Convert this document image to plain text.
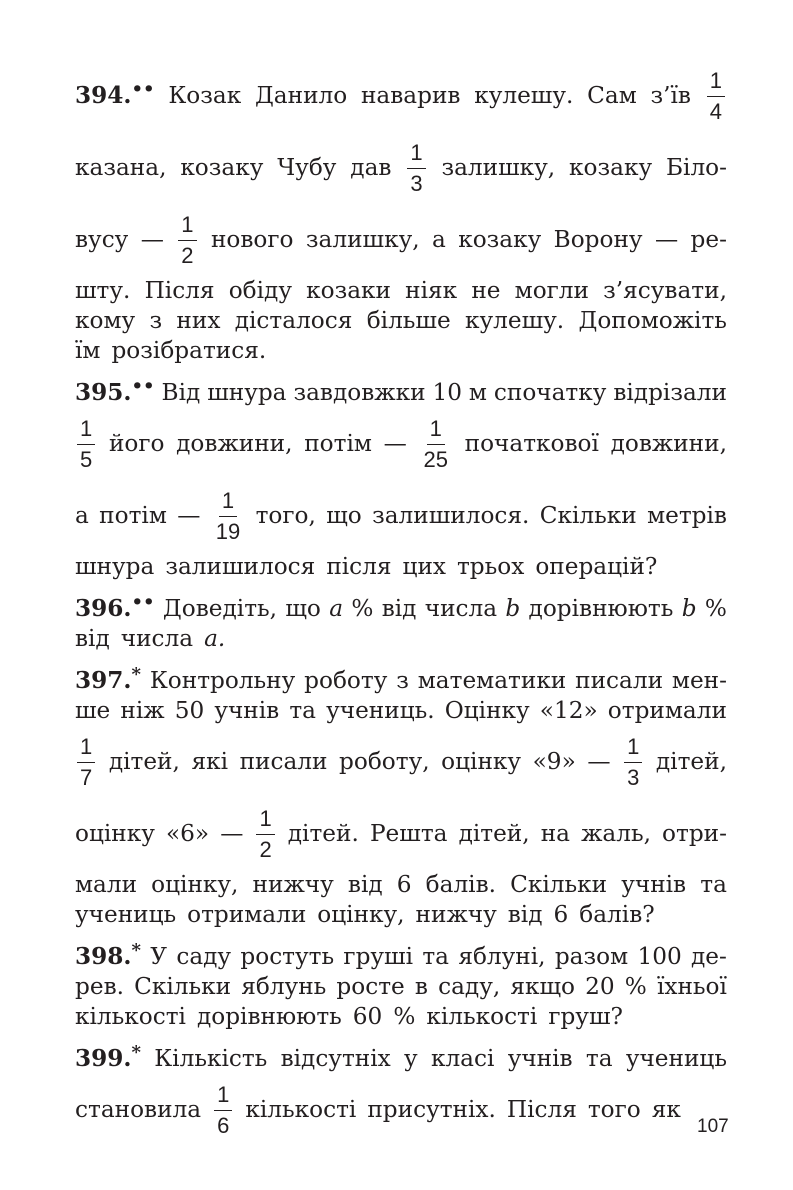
394.•• Козак Данило наварив кулешу. Сам з’їв $\frac{1}{4}$
казана, козаку Чубу дав $\frac{1}{3}$ залишку, козаку Біло-
вусу — $\frac{1}{2}$ нового залишку, а козаку Ворону — ре-
шту. Після обіду козаки ніяк не могли з’ясувати,
кому з них дісталося більше кулешу. Допоможіть
їм розібратися.
395.•• Від шнура завдовжки 10 м спочатку відрізали
$\frac{1}{5}$ його довжини, потім — $\frac{1}{25}$ початкової довжини,
а потім — $\frac{1}{19}$ того, що залишилося. Скільки метрів
шнура залишилося після цих трьох операцій?
396.•• Доведіть, що a % від числа b дорівнюють b %
від числа a.
397.* Контрольну роботу з математики писали мен-
ше ніж 50 учнів та учениць. Оцінку «12» отримали
$\frac{1}{7}$ дітей, які писали роботу, оцінку «9» — $\frac{1}{3}$ дітей,
оцінку «6» — $\frac{1}{2}$ дітей. Решта дітей, на жаль, отри-
мали оцінку, нижчу від 6 балів. Скільки учнів та
учениць отримали оцінку, нижчу від 6 балів?
398.* У саду ростуть груші та яблуні, разом 100 де-
рев. Скільки яблунь росте в саду, якщо 20 % їхньої
кількості дорівнюють 60 % кількості груш?
399.* Кількість відсутніх у класі учнів та учениць
становила $\frac{1}{6}$ кількості присутніх. Після того як
107
